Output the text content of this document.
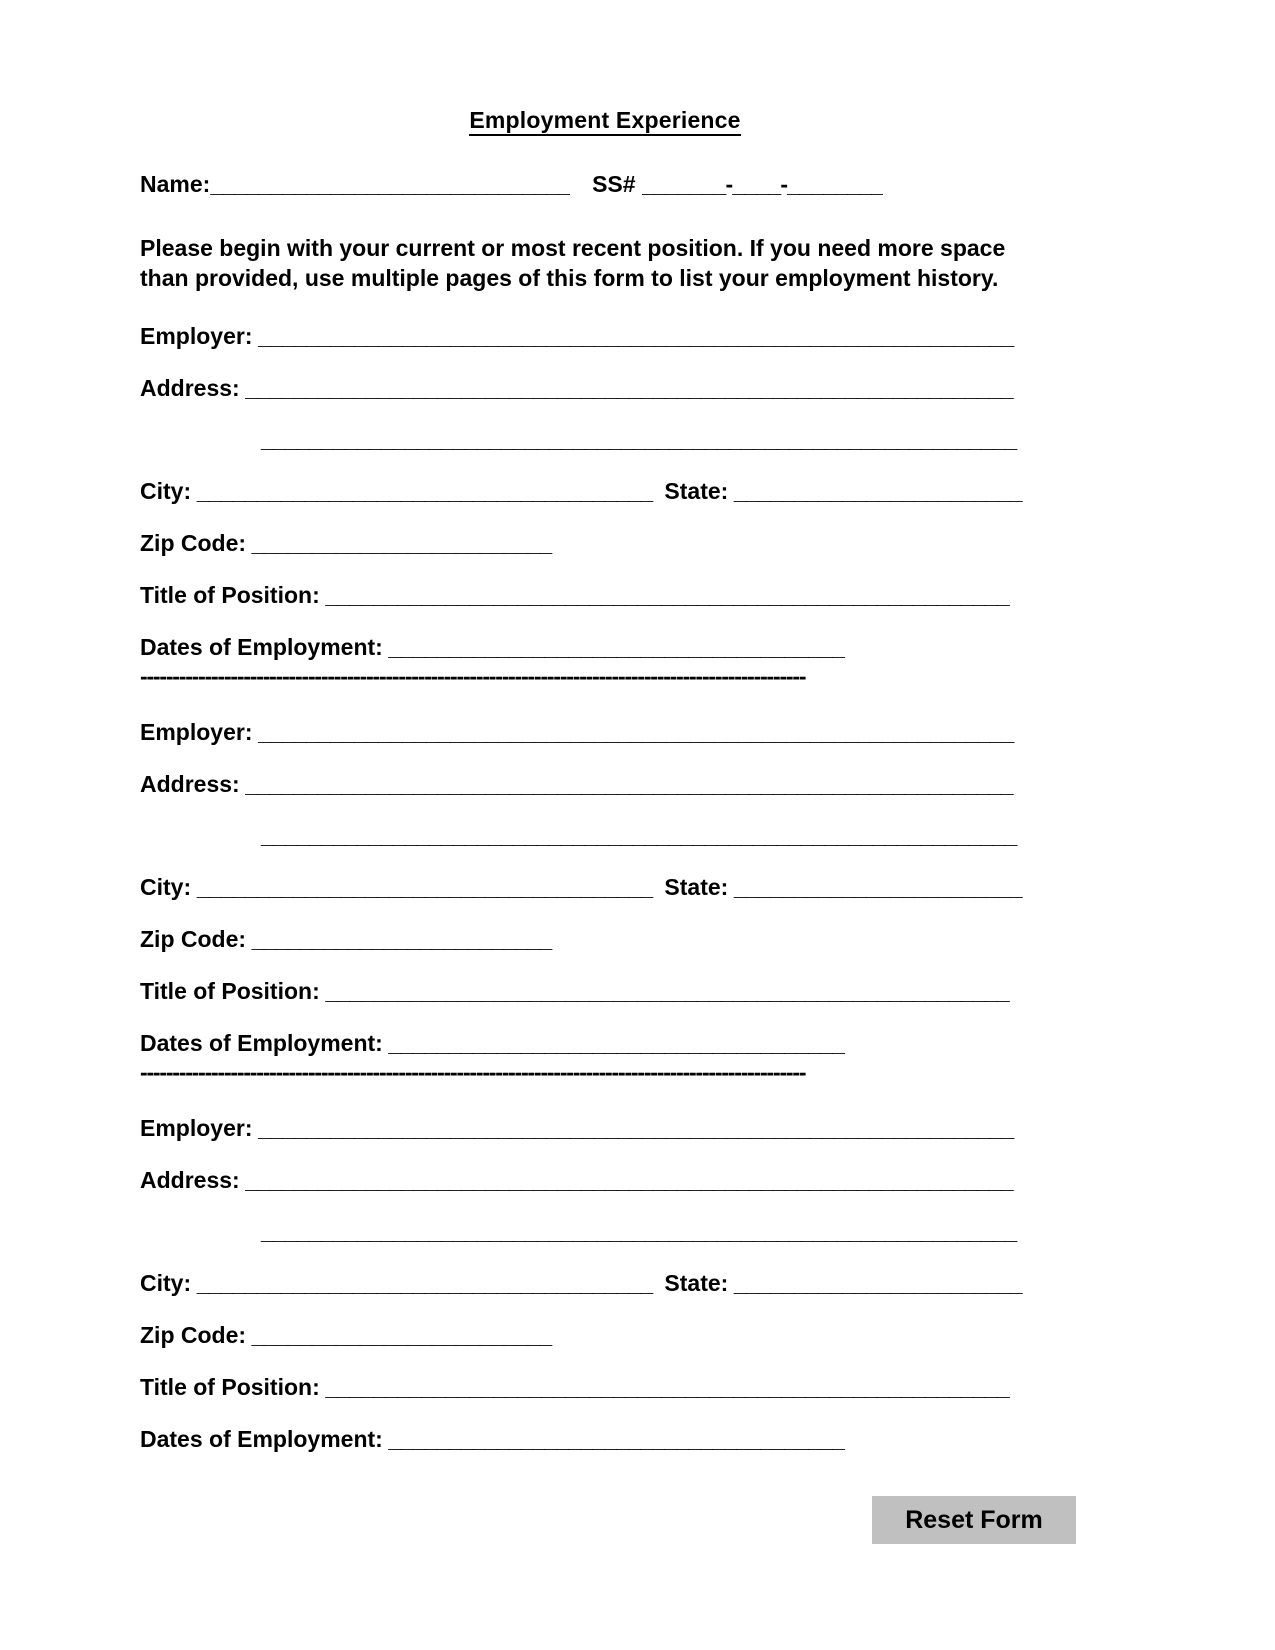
Employment Experience
Name: ______________________________ SS# _______-____-________
Please begin with your current or most recent position. If you need more space
than provided, use multiple pages of this form to list your employment history.
Employer: _______________________________________________________________
Address: ________________________________________________________________
_______________________________________________________________
City: ______________________________________ State: ________________________
Zip Code: _________________________
Title of Position: _________________________________________________________
Dates of Employment: ______________________________________
-------------------------------------------------------------------------------------------------------
Employer: _______________________________________________________________
Address: ________________________________________________________________
_______________________________________________________________
City: ______________________________________ State: ________________________
Zip Code: _________________________
Title of Position: _________________________________________________________
Dates of Employment: ______________________________________
-------------------------------------------------------------------------------------------------------
Employer: _______________________________________________________________
Address: ________________________________________________________________
_______________________________________________________________
City: ______________________________________ State: ________________________
Zip Code: _________________________
Title of Position: _________________________________________________________
Dates of Employment: ______________________________________
Reset Form
